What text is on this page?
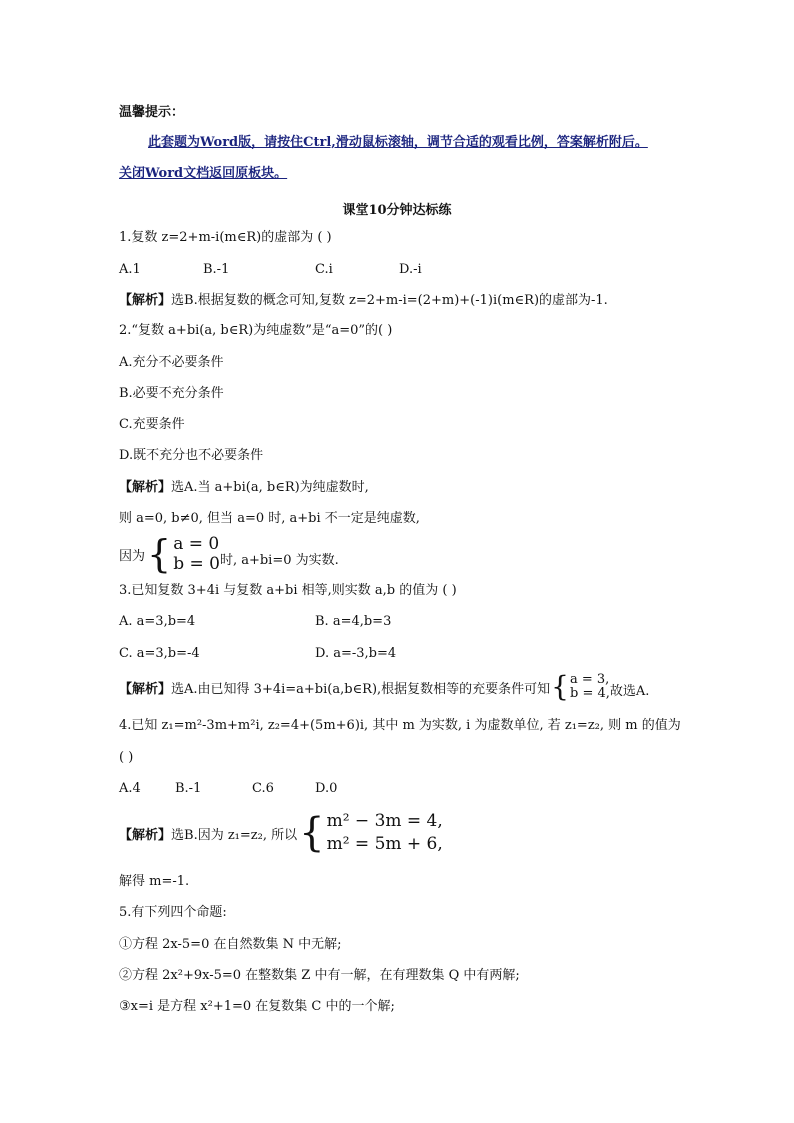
温馨提示：
此套题为Word版，请按住Ctrl,滑动鼠标滚轴，调节合适的观看比例，答案解析附后。
关闭Word文档返回原板块。
课堂10分钟达标练
1.复数 z=2+m-i(m∈R)的虚部为 ( )
A.1	B.-1	C.i	D.-i
【解析】选B.根据复数的概念可知,复数 z=2+m-i=(2+m)+(-1)i(m∈R)的虚部为-1.
2.“复数 a+bi(a, b∈R)为纯虚数”是“a=0”的( )
A.充分不必要条件
B.必要不充分条件
C.充要条件
D.既不充分也不必要条件
【解析】选A.当 a+bi(a, b∈R)为纯虚数时,
则 a=0, b≠0, 但当 a=0 时, a+bi 不一定是纯虚数,
因为 { a = 0
b = 0 时, a+bi=0 为实数.
3.已知复数 3+4i 与复数 a+bi 相等,则实数 a,b 的值为 ( )
A. a=3,b=4	B. a=4,b=3
C. a=3,b=-4	D. a=-3,b=4
【解析】选A.由已知得 3+4i=a+bi(a,b∈R),根据复数相等的充要条件可知 { a = 3,
b = 4, 故选A.
4.已知 z₁=m²-3m+m²i, z₂=4+(5m+6)i, 其中 m 为实数, i 为虚数单位, 若 z₁=z₂, 则 m 的值为
( )
A.4	B.-1	C.6	D.0
【解析】选B.因为 z₁=z₂, 所以 { m² − 3m = 4,
m² = 5m + 6,
解得 m=-1.
5.有下列四个命题:
①方程 2x-5=0 在自然数集 N 中无解;
②方程 2x²+9x-5=0 在整数集 Z 中有一解，在有理数集 Q 中有两解;
③x=i 是方程 x²+1=0 在复数集 C 中的一个解;
